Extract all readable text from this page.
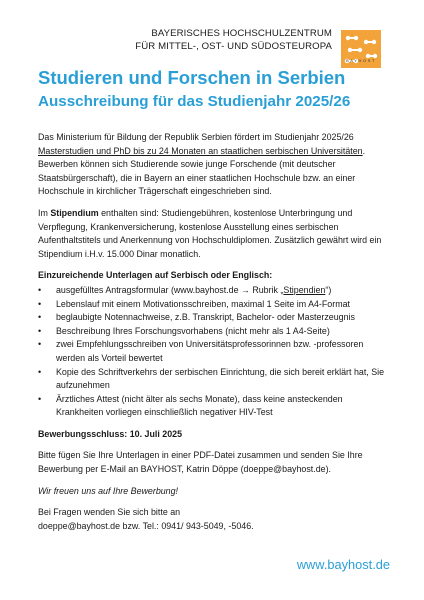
BAYERISCHES HOCHSCHULZENTRUM
FÜR MITTEL-, OST- UND SÜDOSTEUROPA
BAYHOST
Studieren und Forschen in Serbien
Ausschreibung für das Studienjahr 2025/26

Das Ministerium für Bildung der Republik Serbien fördert im Studienjahr 2025/26 Masterstudien und PhD bis zu 24 Monaten an staatlichen serbischen Universitäten. Bewerben können sich Studierende sowie junge Forschende (mit deutscher Staatsbürgerschaft), die in Bayern an einer staatlichen Hochschule bzw. an einer Hochschule in kirchlicher Trägerschaft eingeschrieben sind.

Im Stipendium enthalten sind: Studiengebühren, kostenlose Unterbringung und Verpflegung, Krankenversicherung, kostenlose Ausstellung eines serbischen Aufenthaltstitels und Anerkennung von Hochschuldiplomen. Zusätzlich gewährt wird ein Stipendium i.H.v. 15.000 Dinar monatlich.

Einzureichende Unterlagen auf Serbisch oder Englisch:
• ausgefülltes Antragsformular (www.bayhost.de → Rubrik „Stipendien“)
• Lebenslauf mit einem Motivationsschreiben, maximal 1 Seite im A4-Format
• beglaubigte Notennachweise, z.B. Transkript, Bachelor- oder Masterzeugnis
• Beschreibung Ihres Forschungsvorhabens (nicht mehr als 1 A4-Seite)
• zwei Empfehlungsschreiben von Universitätsprofessorinnen bzw. -professoren werden als Vorteil bewertet
• Kopie des Schriftverkehrs der serbischen Einrichtung, die sich bereit erklärt hat, Sie aufzunehmen
• Ärztliches Attest (nicht älter als sechs Monate), dass keine ansteckenden Krankheiten vorliegen einschließlich negativer HIV-Test

Bewerbungsschluss: 10. Juli 2025

Bitte fügen Sie Ihre Unterlagen in einer PDF-Datei zusammen und senden Sie Ihre Bewerbung per E-Mail an BAYHOST, Katrin Döppe (doeppe@bayhost.de).

Wir freuen uns auf Ihre Bewerbung!

Bei Fragen wenden Sie sich bitte an
doeppe@bayhost.de bzw. Tel.: 0941/ 943-5049, -5046.

www.bayhost.de
